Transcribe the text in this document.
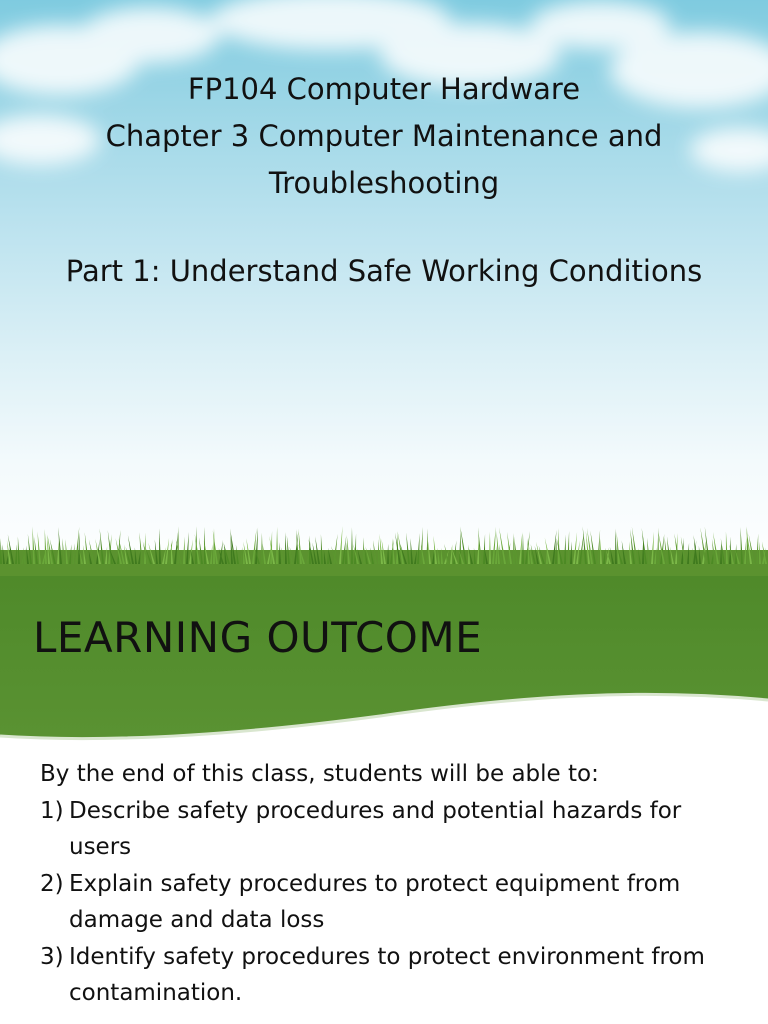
FP104 Computer Hardware
Chapter 3 Computer Maintenance and
Troubleshooting
Part 1: Understand Safe Working Conditions
LEARNING OUTCOME
By the end of this class, students will be able to:
1) Describe safety procedures and potential hazards for users
2) Explain safety procedures to protect equipment from damage and data loss
3) Identify safety procedures to protect environment from contamination.
